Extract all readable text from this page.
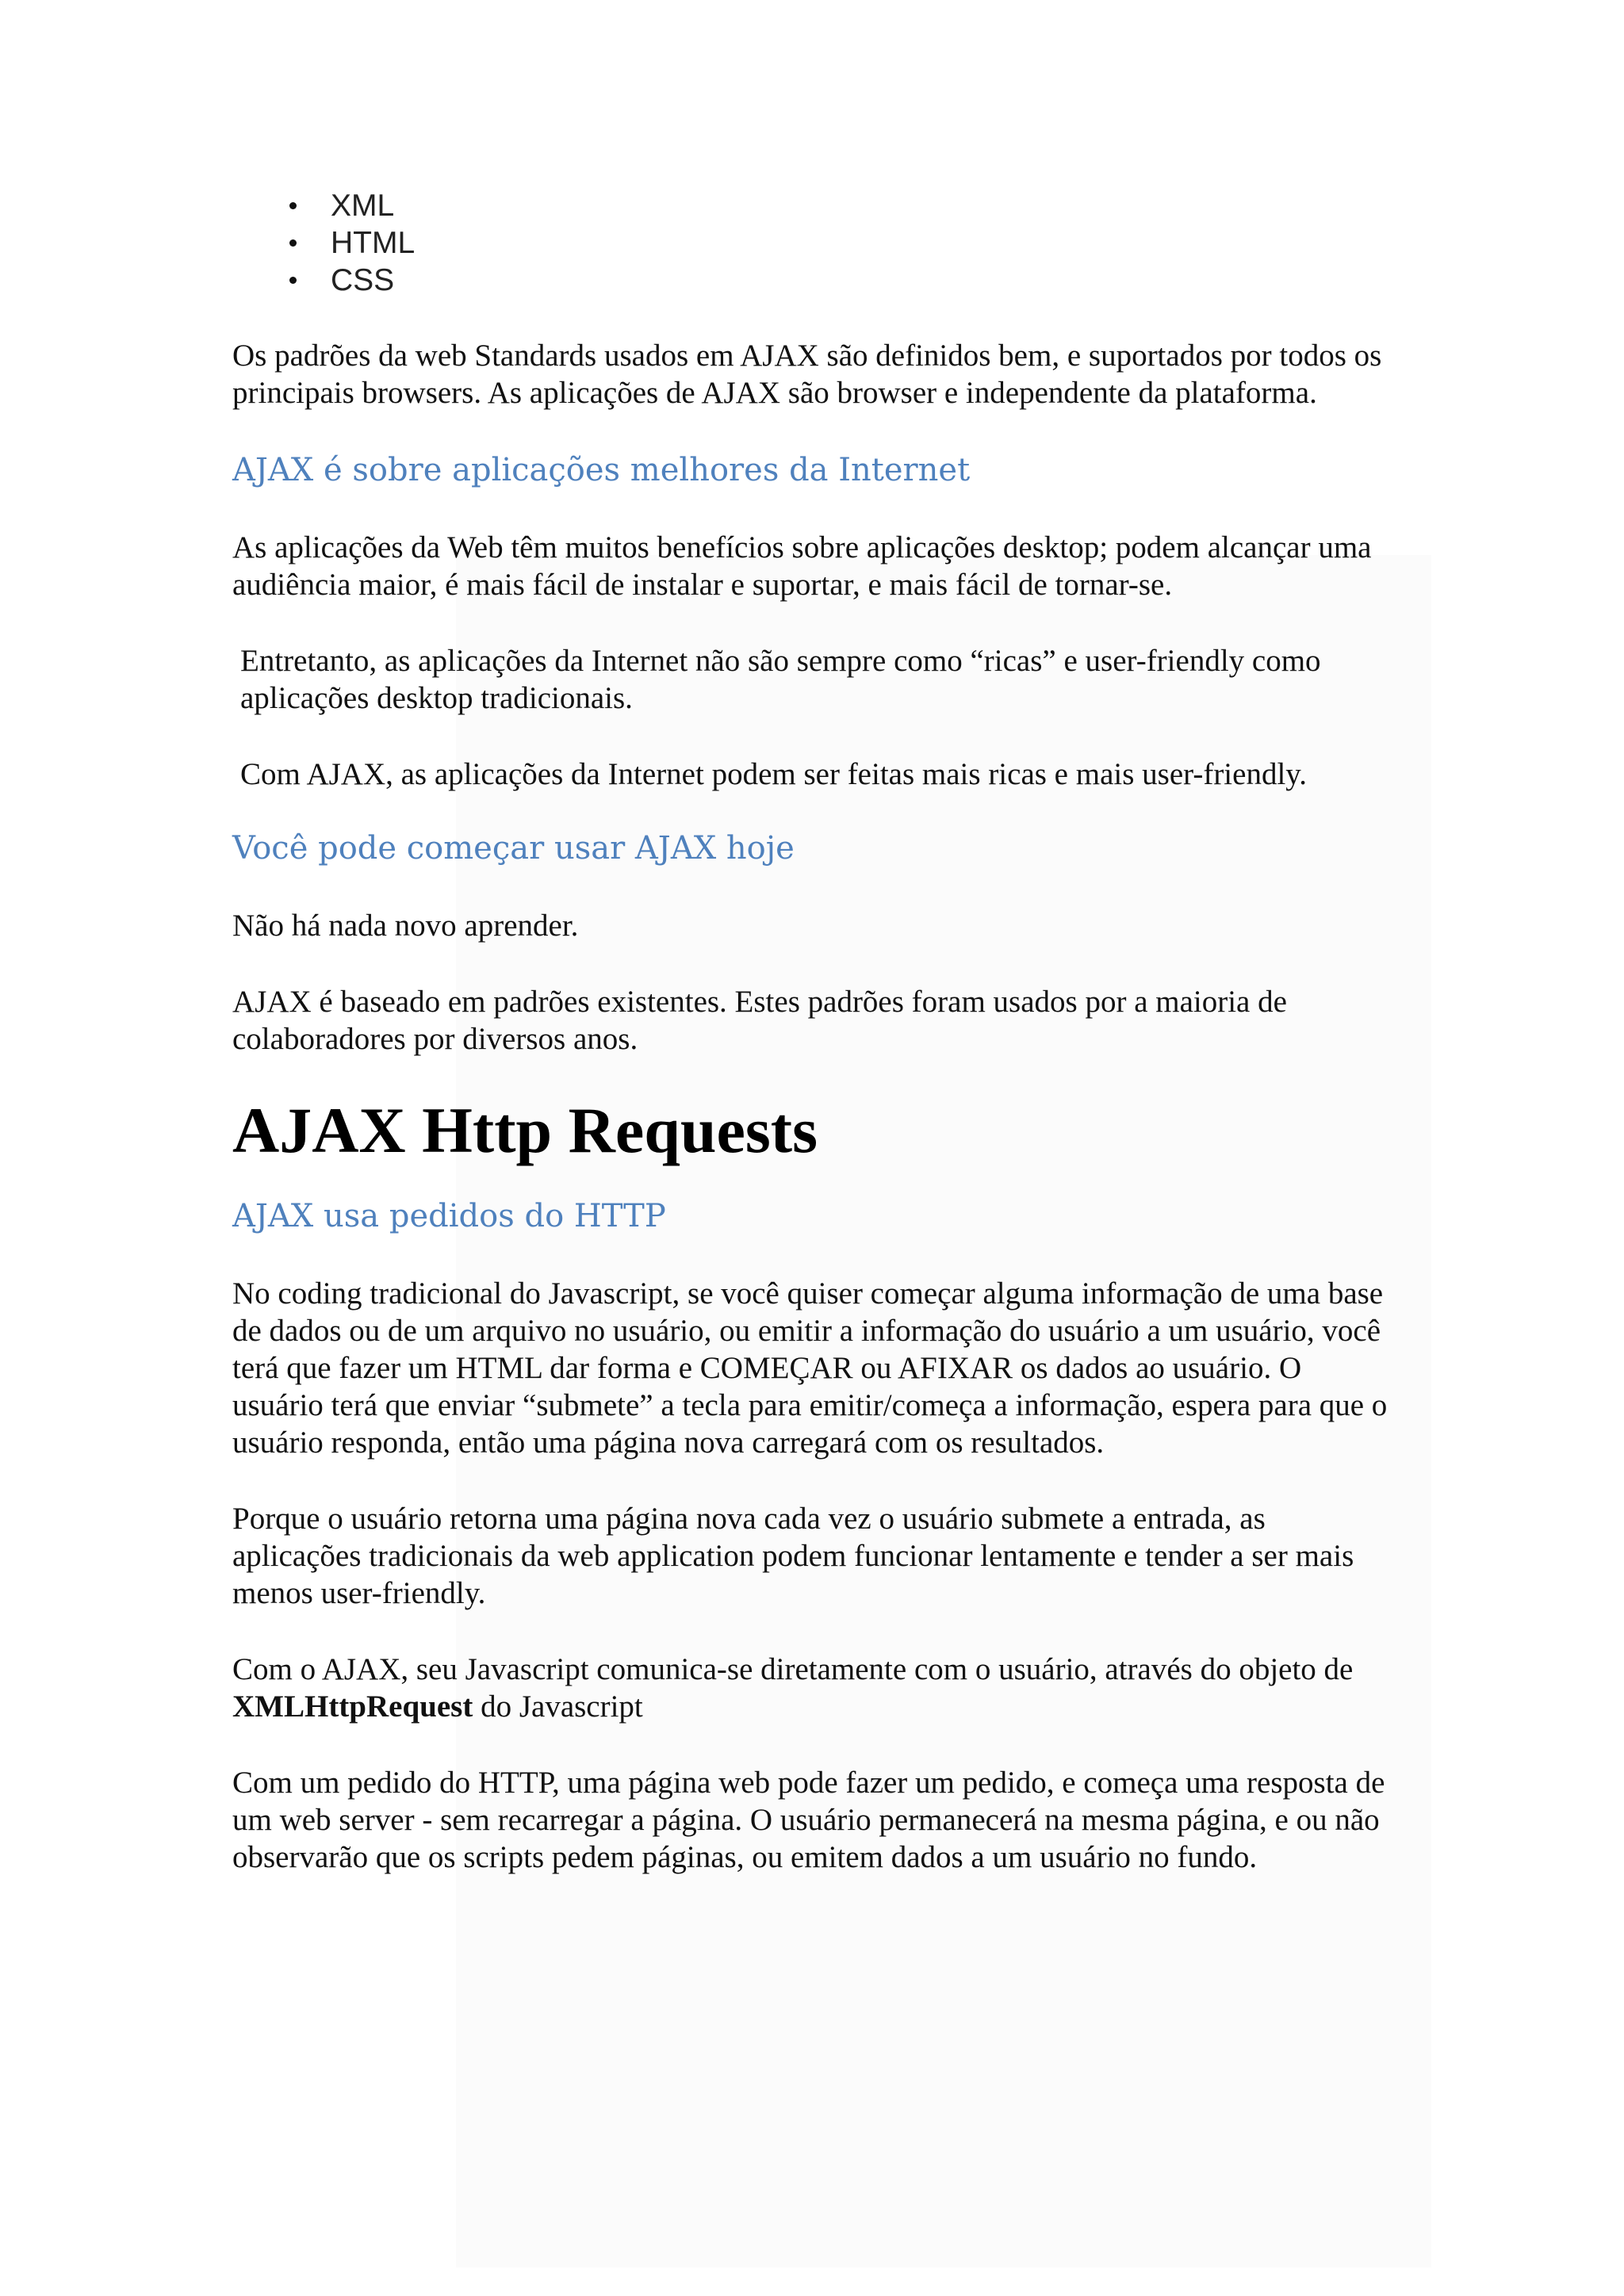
XML
HTML
CSS

Os padrões da web Standards usados em AJAX são definidos bem, e suportados por todos os principais browsers. As aplicações de AJAX são browser e independente da plataforma.

AJAX é sobre aplicações melhores da Internet

As aplicações da Web têm muitos benefícios sobre aplicações desktop; podem alcançar uma audiência maior, é mais fácil de instalar e suportar, e mais fácil de tornar-se.

Entretanto, as aplicações da Internet não são sempre como “ricas” e user-friendly como aplicações desktop tradicionais.

Com AJAX, as aplicações da Internet podem ser feitas mais ricas e mais user-friendly.

Você pode começar usar AJAX hoje

Não há nada novo aprender.

AJAX é baseado em padrões existentes. Estes padrões foram usados por a maioria de colaboradores por diversos anos.

AJAX Http Requests
AJAX usa pedidos do HTTP

No coding tradicional do Javascript, se você quiser começar alguma informação de uma base de dados ou de um arquivo no usuário, ou emitir a informação do usuário a um usuário, você terá que fazer um HTML dar forma e COMEÇAR ou AFIXAR os dados ao usuário. O usuário terá que enviar “submete” a tecla para emitir/começa a informação, espera para que o usuário responda, então uma página nova carregará com os resultados.

Porque o usuário retorna uma página nova cada vez o usuário submete a entrada, as aplicações tradicionais da web application podem funcionar lentamente e tender a ser mais menos user-friendly.

Com o AJAX, seu Javascript comunica-se diretamente com o usuário, através do objeto de XMLHttpRequest do Javascript

Com um pedido do HTTP, uma página web pode fazer um pedido, e começa uma resposta de um web server - sem recarregar a página. O usuário permanecerá na mesma página, e ou não observarão que os scripts pedem páginas, ou emitem dados a um usuário no fundo.
